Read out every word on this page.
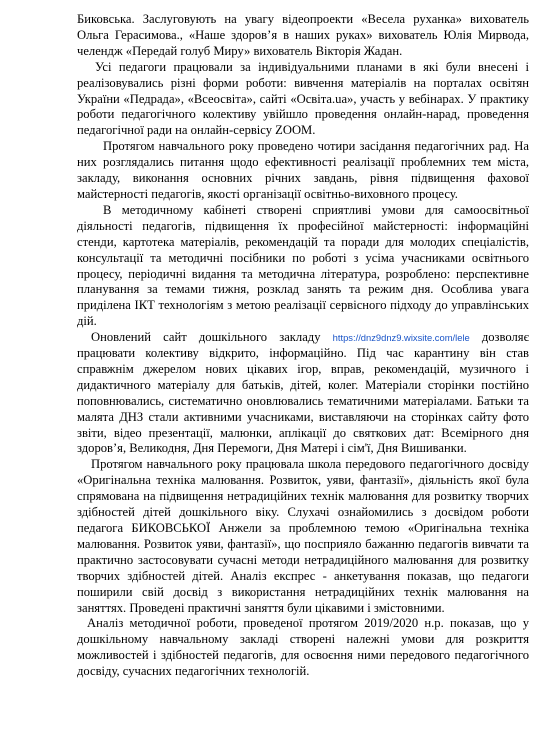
Биковська. Заслуговують на увагу відеопроекти «Весела руханка» вихователь Ольга Герасимова., «Наше здоров’я в наших руках» вихователь Юлія Мирвода, челендж «Передай голуб Миру» вихователь Вікторія Жадан.

Усі педагоги працювали за індивідуальними планами в які були внесені і реалізовувались різні форми роботи: вивчення матеріалів на порталах освітян України «Педрада», «Всеосвіта», сайті «Освіта.ua», участь у вебінарах. У практику роботи педагогічного колективу увійшло проведення онлайн-нарад, проведення педагогічної ради на онлайн-сервісу ZOOM.

Протягом навчального року проведено чотири засідання педагогічних рад. На них розглядались питання щодо ефективності реалізації проблемних тем міста, закладу, виконання основних річних завдань, рівня підвищення фахової майстерності педагогів, якості організації освітньо-виховного процесу.

В методичному кабінеті створені сприятливі умови для самоосвітньої діяльності педагогів, підвищення їх професійної майстерності: інформаційні стенди, картотека матеріалів, рекомендацій та поради для молодих спеціалістів, консультації та методичні посібники по роботі з усіма учасниками освітнього процесу, періодичні видання та методична література, розроблено: перспективне планування за темами тижня, розклад занять та режим дня. Особлива увага приділена ІКТ технологіям з метою реалізації сервісного підходу до управлінських дій.

Оновлений сайт дошкільного закладу https://dnz9dnz9.wixsite.com/lele дозволяє працювати колективу відкрито, інформаційно. Під час карантину він став справжнім джерелом нових цікавих ігор, вправ, рекомендацій, музичного і дидактичного матеріалу для батьків, дітей, колег. Матеріали сторінки постійно поповнювались, систематично оновлювались тематичними матеріалами. Батьки та малята ДНЗ стали активними учасниками, виставляючи на сторінках сайту фото звіти, відео презентації, малюнки, аплікації до святкових дат: Всемірного дня здоров’я, Великодня, Дня Перемоги, Дня Матері і сім'ї, Дня Вишиванки.

Протягом навчального року працювала школа передового педагогічного досвіду «Оригінальна техніка малювання. Розвиток, уяви, фантазії», діяльність якої була спрямована на підвищення нетрадиційних технік малювання для розвитку творчих здібностей дітей дошкільного віку. Слухачі ознайомились з досвідом роботи педагога БИКОВСЬКОЇ Анжели за проблемною темою «Оригінальна техніка малювання. Розвиток уяви, фантазії», що посприяло бажанню педагогів вивчати та практично застосовувати сучасні методи нетрадиційного малювання для розвитку творчих здібностей дітей. Аналіз експрес - анкетування показав, що педагоги поширили свій досвід з використання нетрадиційних технік малювання на заняттях. Проведені практичні заняття були цікавими і змістовними.

Аналіз методичної роботи, проведеної протягом 2019/2020 н.р. показав, що у дошкільному навчальному закладі створені належні умови для розкриття можливостей і здібностей педагогів, для освоєння ними передового педагогічного досвіду, сучасних педагогічних технологій.
